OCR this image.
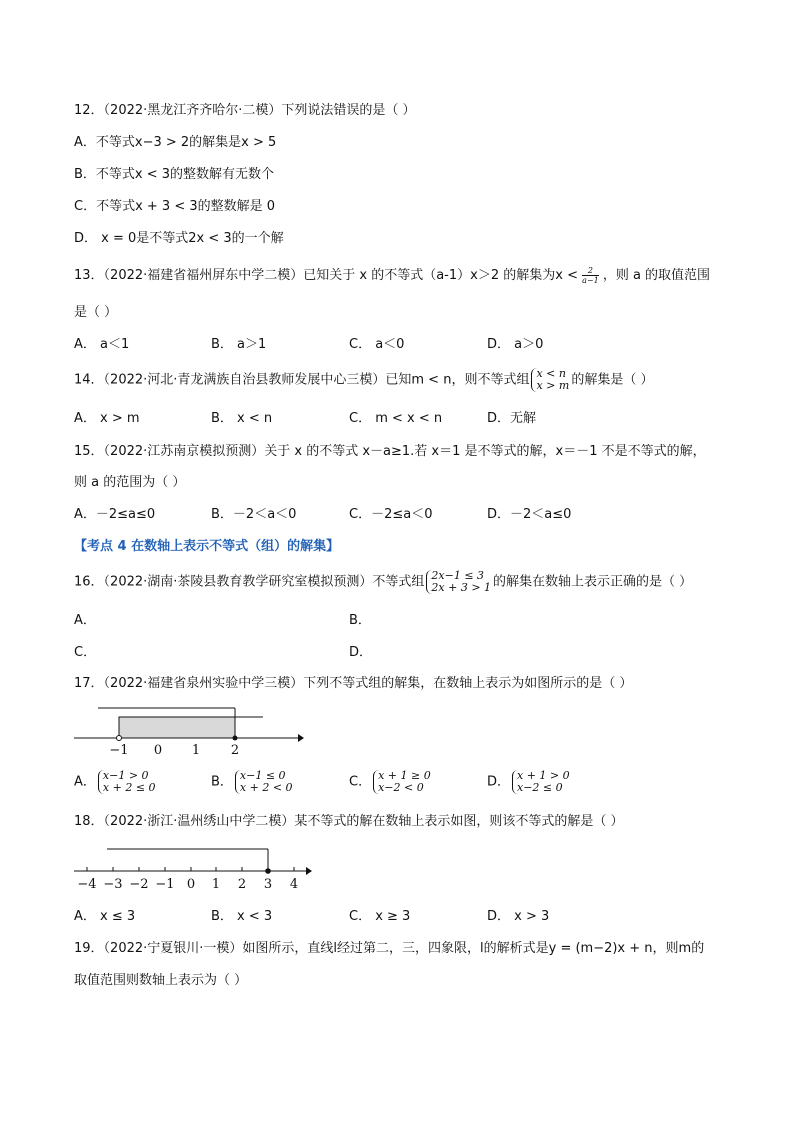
12．（2022·黑龙江齐齐哈尔·二模）下列说法错误的是（ ）
A．不等式x−3 > 2的解集是x > 5
B．不等式x < 3的整数解有无数个
C．不等式x + 3 < 3的整数解是 0
D． x = 0是不等式2x < 3的一个解
13．（2022·福建省福州屏东中学二模）已知关于 x 的不等式（a-1）x＞2 的解集为$x < \frac{2}{a-1}$ ，则 a 的取值范围
是（ ）
A． a＜1	B． a＞1	C． a＜0	D． a＞0
14．（2022·河北·青龙满族自治县教师发展中心三模）已知m < n，则不等式组 x < n
x > m 的解集是（ ）
A． x > m	B． x < n	C． m < x < n	D．无解
15．（2022·江苏南京模拟预测）关于 x 的不等式 x－a≥1.若 x＝1 是不等式的解，x＝－1 不是不等式的解，
则 a 的范围为（ ）
A．－2≤a≤0	B．－2＜a＜0	C．－2≤a＜0	D．－2＜a≤0
【考点 4 在数轴上表示不等式（组）的解集】
16．（2022·湖南·茶陵县教育教学研究室模拟预测）不等式组 2x−1 ≤ 3
2x + 3 > 1 的解集在数轴上表示正确的是（ ）
A．	B．
C．	D．
17．（2022·福建省泉州实验中学三模）下列不等式组的解集，在数轴上表示为如图所示的是（ ）
−1 0 1 2
A． x−1 > 0
x + 2 ≤ 0	B． x−1 ≤ 0
x + 2 < 0	C． x + 1 ≥ 0
x−2 < 0	D． x + 1 > 0
x−2 ≤ 0
18．（2022·浙江·温州绣山中学二模）某不等式的解在数轴上表示如图，则该不等式的解是（ ）
−4 −3 −2 −1 0 1 2 3 4
A． x ≤ 3	B． x < 3	C． x ≥ 3	D． x > 3
19．（2022·宁夏银川·一模）如图所示，直线l经过第二，三，四象限，l的解析式是y = (m−2)x + n，则m的
取值范围则数轴上表示为（ ）
